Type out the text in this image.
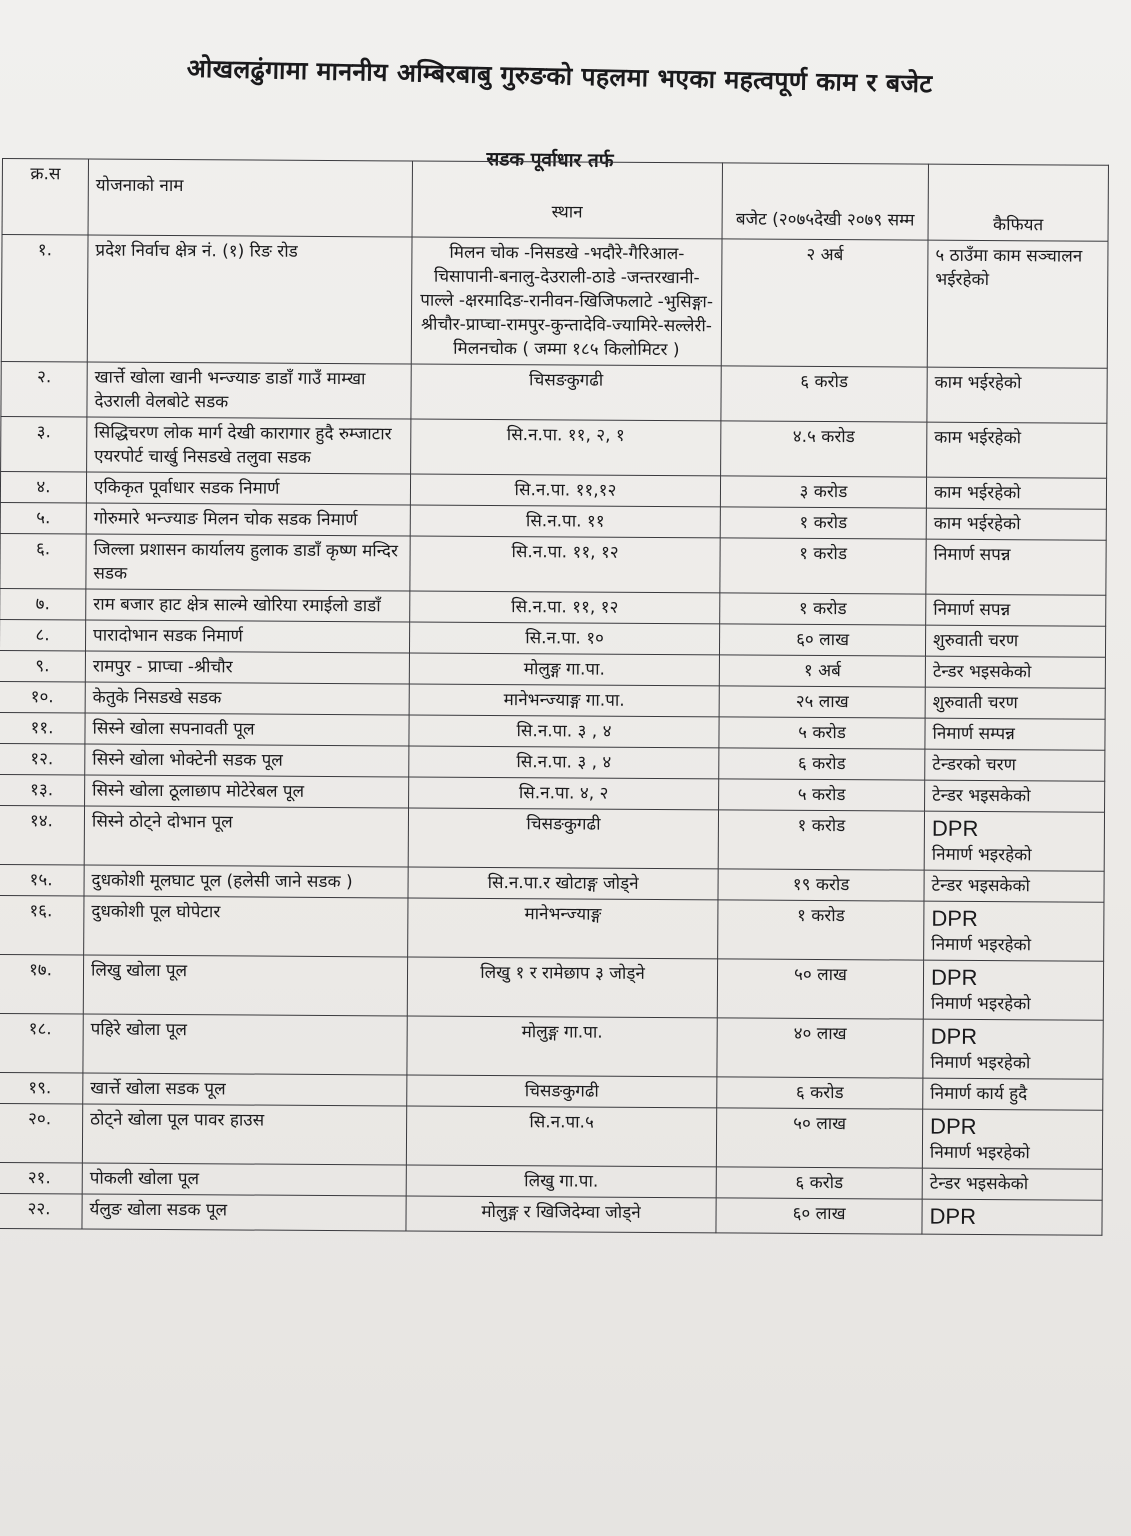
ओखलढुंगामा माननीय अम्बिरबाबु गुरुङको पहलमा भएका महत्वपूर्ण काम र बजेट
सडक पूर्वाधार तर्फ
क्र.स	योजनाको नाम	स्थान	बजेट (२०७५देखी २०७९ सम्म	कैफियत
१.	प्रदेश निर्वाच क्षेत्र नं. (१) रिङ रोड	मिलन चोक -निसडखे -भदौरे-गैरिआल-चिसापानी-बनालु-देउराली-ठाडे -जन्तरखानी-पाल्ले -क्षरमादिङ-रानीवन-खिजिफलाटे -भुसिङ्गा-श्रीचौर-प्राप्चा-रामपुर-कुन्तादेवि-ज्यामिरे-सल्लेरी-मिलनचोक ( जम्मा १८५ किलोमिटर )	२ अर्ब	५ ठाउँमा काम सञ्चालन भईरहेको

२.	खार्त्ते खोला खानी भन्ज्याङ डाडाँ गाउँ माम्खा देउराली वेलबोटे सडक	चिसङकुगढी	६ करोड	काम भईरहेको

३.	सिद्धिचरण लोक मार्ग देखी कारागार हुदै रुम्जाटार एयरपोर्ट चार्खु निसडखे तलुवा सडक	सि.न.पा. ११, २, १	४.५ करोड	काम भईरहेको

४.	एकिकृत पूर्वाधार सडक निमार्ण	सि.न.पा. ११,१२	३ करोड	काम भईरहेको

५.	गोरुमारे भन्ज्याङ मिलन चोक सडक निमार्ण	सि.न.पा. ११	१ करोड	काम भईरहेको

६.	जिल्ला प्रशासन कार्यालय हुलाक डाडाँ कृष्ण मन्दिर सडक	सि.न.पा. ११, १२	१ करोड	निमार्ण सपन्न

७.	राम बजार हाट क्षेत्र साल्मे खोरिया रमाईलो डाडाँ	सि.न.पा. ११, १२	१ करोड	निमार्ण सपन्न

८.	पारादोभान सडक निमार्ण	सि.न.पा. १०	६० लाख	शुरुवाती चरण

९.	रामपुर - प्राप्चा -श्रीचौर	मोलुङ्ग गा.पा.	१ अर्ब	टेन्डर भइसकेको

१०.	केतुके निसडखे सडक	मानेभन्ज्याङ्ग गा.पा.	२५ लाख	शुरुवाती चरण

११.	सिस्ने खोला सपनावती पूल	सि.न.पा. ३ , ४	५ करोड	निमार्ण सम्पन्न

१२.	सिस्ने खोला भोक्टेनी सडक पूल	सि.न.पा. ३ , ४	६ करोड	टेन्डरको चरण

१३.	सिस्ने खोला ठूलाछाप मोटेरेबल पूल	सि.न.पा. ४, २	५ करोड	टेन्डर भइसकेको

१४.	सिस्ने ठोट्ने दोभान पूल	चिसङकुगढी	१ करोड	DPR
निमार्ण भइरहेको

१५.	दुधकोशी मूलघाट पूल (हलेसी जाने सडक )	सि.न.पा.र खोटाङ्ग जोड्ने	१९ करोड	टेन्डर भइसकेको

१६.	दुधकोशी पूल घोपेटार	मानेभन्ज्याङ्ग	१ करोड	DPR
निमार्ण भइरहेको

१७.	लिखु खोला पूल	लिखु १ र रामेछाप ३ जोड्ने	५० लाख	DPR
निमार्ण भइरहेको

१८.	पहिरे खोला पूल	मोलुङ्ग गा.पा.	४० लाख	DPR
निमार्ण भइरहेको

१९.	खार्त्ते खोला सडक पूल	चिसङकुगढी	६ करोड	निमार्ण कार्य हुदै

२०.	ठोट्ने खोला पूल पावर हाउस	सि.न.पा.५	५० लाख	DPR
निमार्ण भइरहेको

२१.	पोकली खोला पूल	लिखु गा.पा.	६ करोड	टेन्डर भइसकेको

२२.	र्यलुङ खोला सडक पूल	मोलुङ्ग र खिजिदेम्वा जोड्ने	६० लाख	DPR
